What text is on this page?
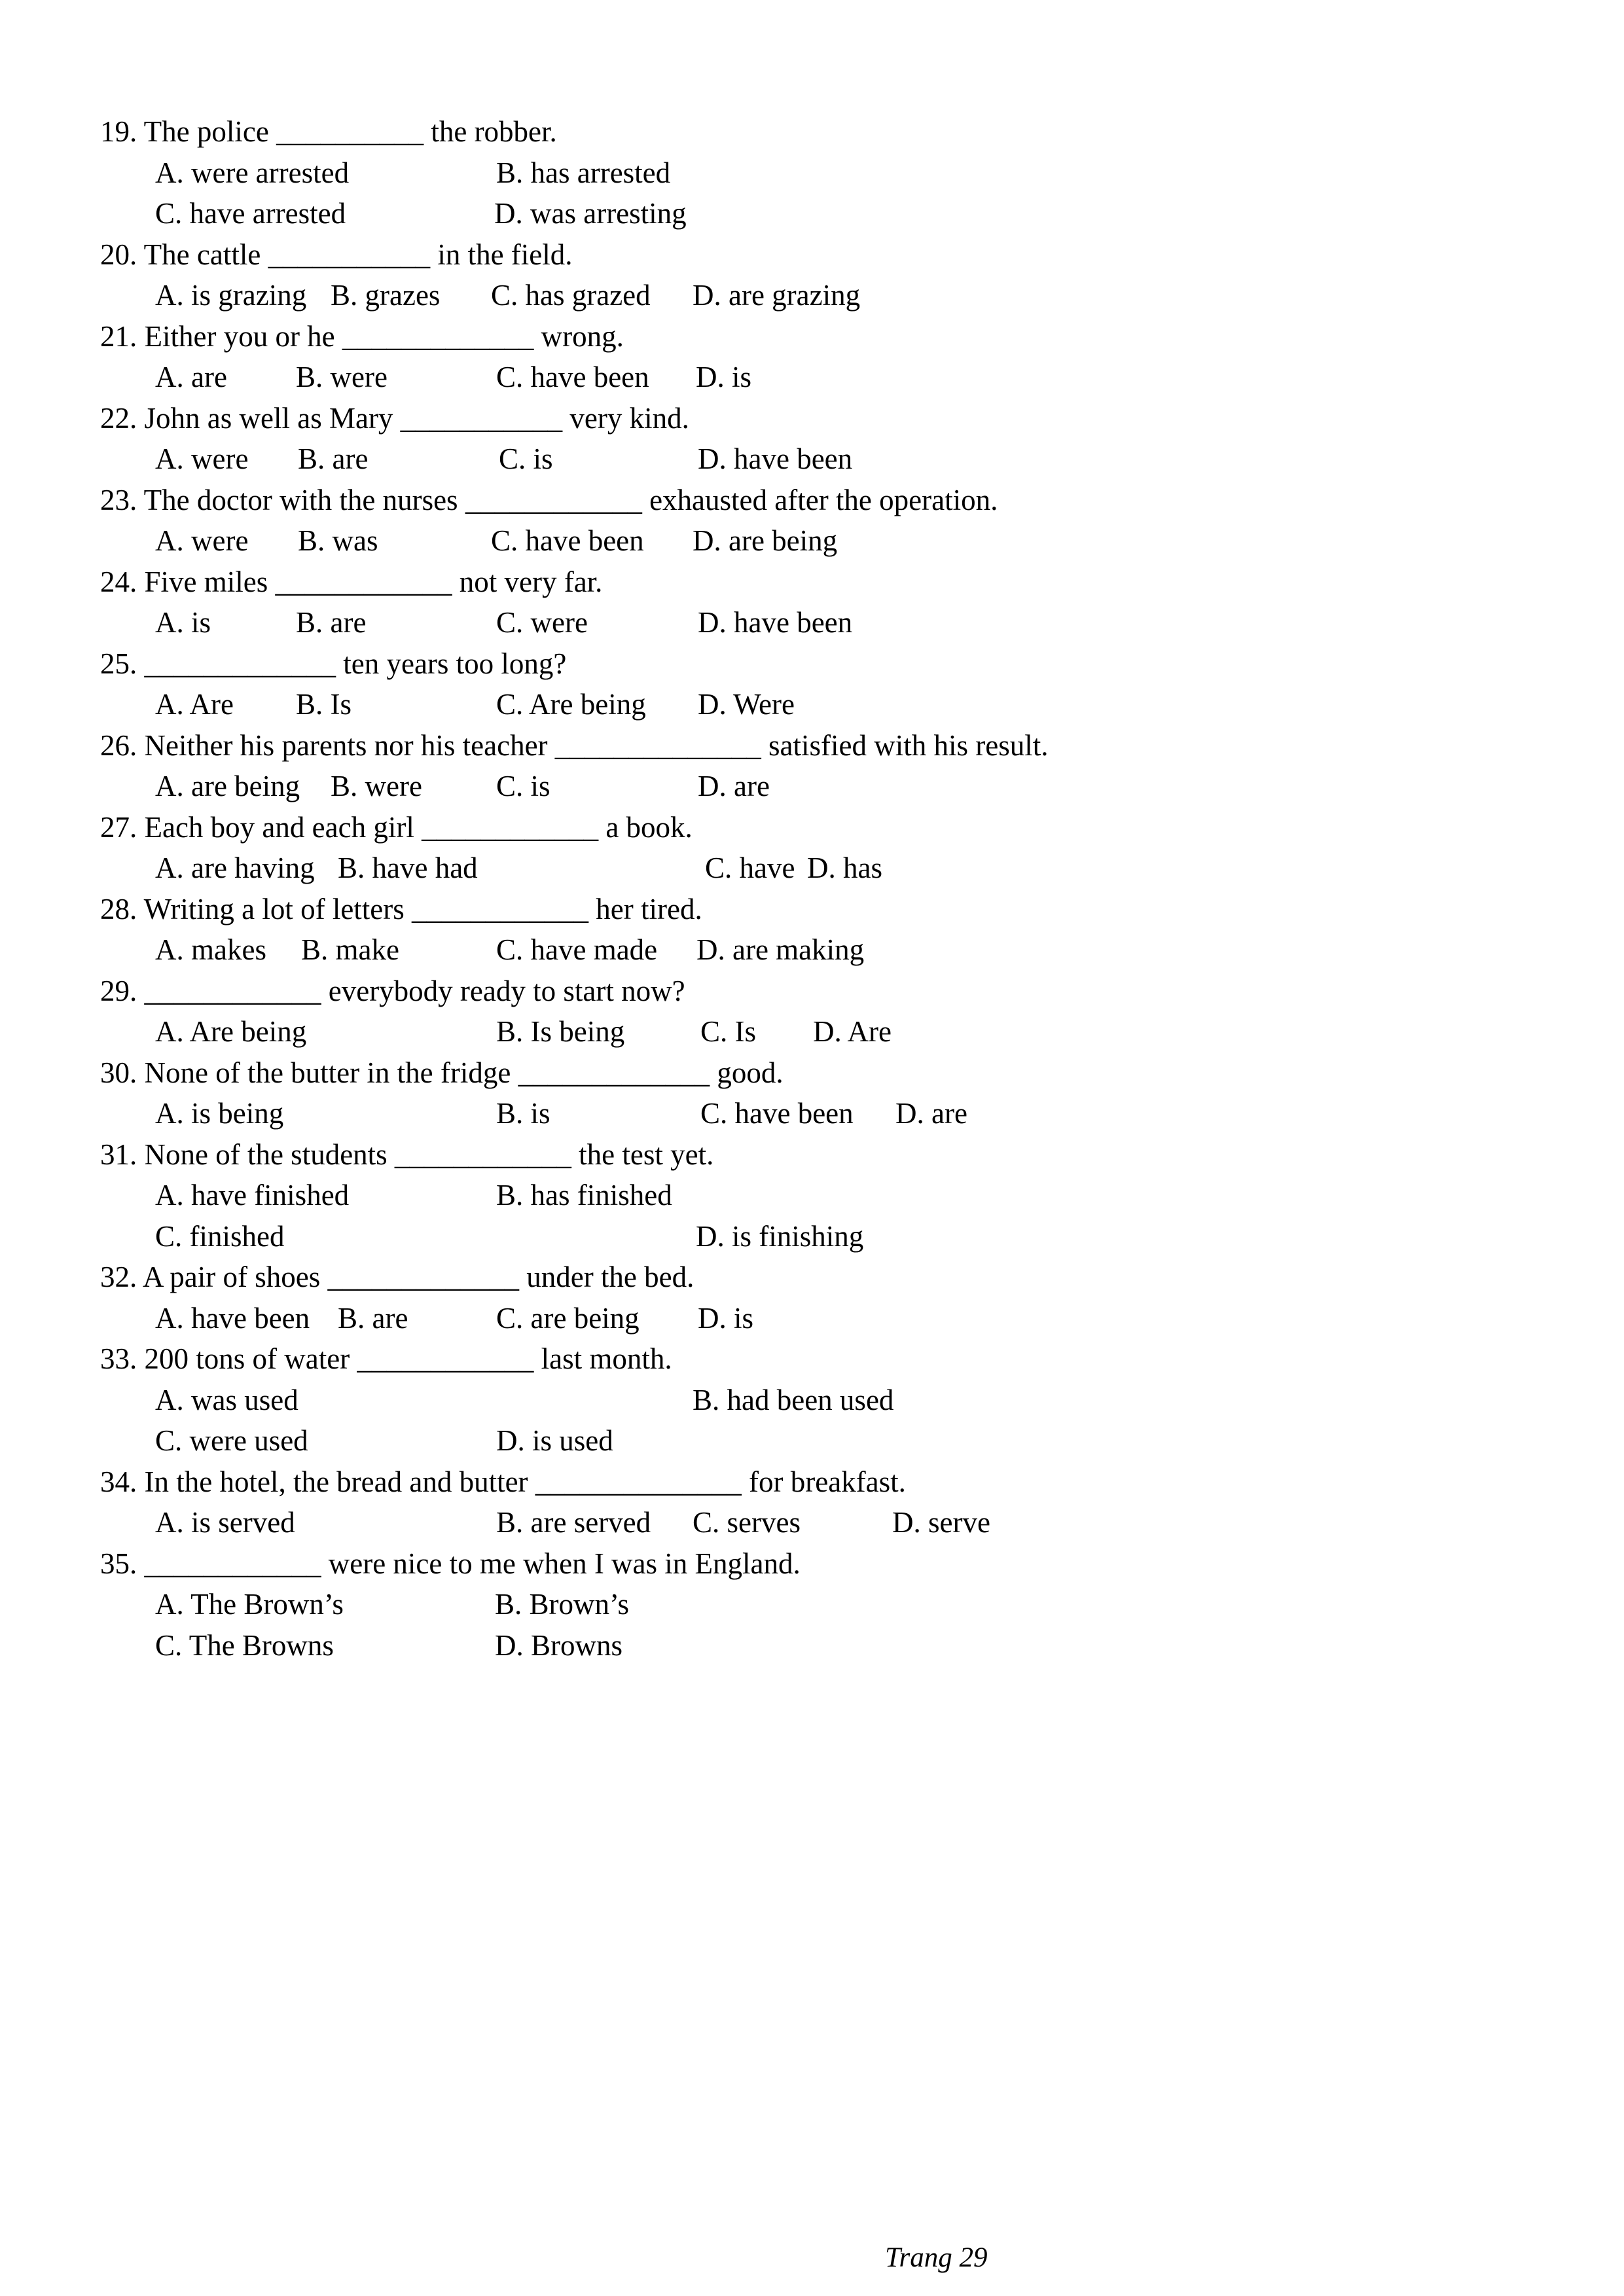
19. The police __________ the robber.
A. were arrested	B. has arrested
C. have arrested	D. was arresting
20. The cattle ___________ in the field.
A. is grazing B. grazes C. has grazed D. are grazing
21. Either you or he _____________ wrong.
A. are B. were	C. have been D. is
22. John as well as Mary ___________ very kind.
A. were B. are	C. is	D. have been
23. The doctor with the nurses ____________ exhausted after the operation.
A. were B. was	C. have been D. are being
24. Five miles ____________ not very far.
A. is	B. are	C. were	D. have been
25. _____________ ten years too long?
A. Are B. Is	C. Are being D. Were
26. Neither his parents nor his teacher ______________ satisfied with his result.
A. are being B. were	C. is	D. are
27. Each boy and each girl ____________ a book.
A. are having B. have had	C. have D. has
28. Writing a lot of letters ____________ her tired.
A. makes B. make	C. have made D. are making
29. ____________ everybody ready to start now?
A. Are being	B. Is being	C. Is D. Are
30. None of the butter in the fridge _____________ good.
A. is being	B. is	C. have been D. are
31. None of the students ____________ the test yet.
A. have finished	B. has finished
C. finished	D. is finishing
32. A pair of shoes _____________ under the bed.
A. have been B. are	C. are being D. is
33. 200 tons of water ____________ last month.
A. was used	B. had been used
C. were used	D. is used
34. In the hotel, the bread and butter ______________ for breakfast.
A. is served	B. are served C. serves	D. serve
35. ____________ were nice to me when I was in England.
A. The Brown’s	B. Brown’s
C. The Browns	D. Browns
Trang 29
